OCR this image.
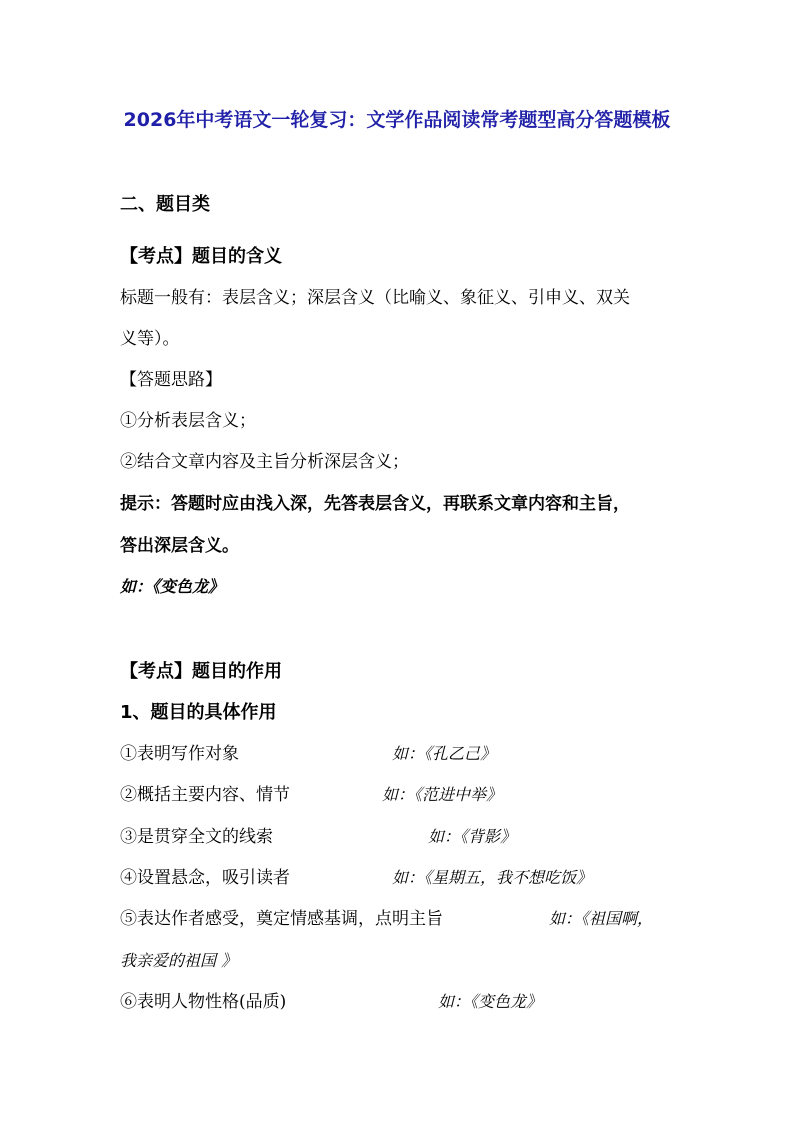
2026年中考语文一轮复习：文学作品阅读常考题型高分答题模板
二、题目类
【考点】题目的含义
标题一般有：表层含义；深层含义（比喻义、象征义、引申义、双关
义等）。
【答题思路】
①分析表层含义；
②结合文章内容及主旨分析深层含义；
提示：答题时应由浅入深，先答表层含义，再联系文章内容和主旨，
答出深层含义。
如：《变色龙》
【考点】题目的作用
1、题目的具体作用
①表明写作对象	如：《孔乙己》
②概括主要内容、情节	如：《范进中举》
③是贯穿全文的线索	如：《背影》
④设置悬念，吸引读者	如：《星期五，我不想吃饭》
⑤表达作者感受，奠定情感基调，点明主旨	如：《祖国啊，
我亲爱的祖国 》
⑥表明人物性格(品质)	如：《变色龙》
